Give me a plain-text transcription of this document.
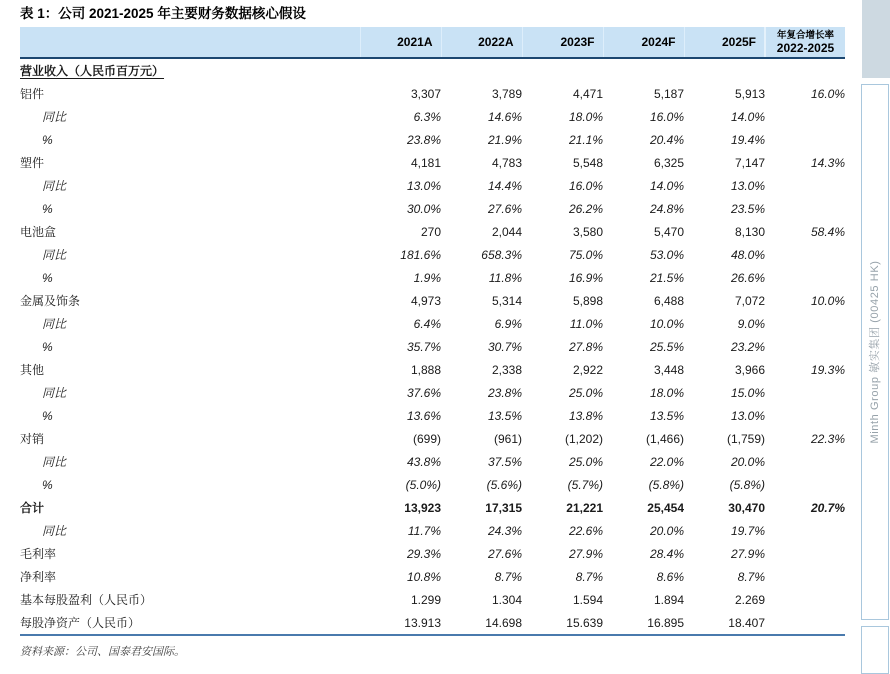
表 1：公司 2021-2025 年主要财务数据核心假设
	2021A	2022A	2023F	2024F	2025F	年复合增长率
2022-2025

营业收入（人民币百万元）						
铝件	3,307	3,789	4,471	5,187	5,913	16.0%
同比	6.3%	14.6%	18.0%	16.0%	14.0%	
%	23.8%	21.9%	21.1%	20.4%	19.4%	
塑件	4,181	4,783	5,548	6,325	7,147	14.3%
同比	13.0%	14.4%	16.0%	14.0%	13.0%	
%	30.0%	27.6%	26.2%	24.8%	23.5%	
电池盒	270	2,044	3,580	5,470	8,130	58.4%
同比	181.6%	658.3%	75.0%	53.0%	48.0%	
%	1.9%	11.8%	16.9%	21.5%	26.6%	
金属及饰条	4,973	5,314	5,898	6,488	7,072	10.0%
同比	6.4%	6.9%	11.0%	10.0%	9.0%	
%	35.7%	30.7%	27.8%	25.5%	23.2%	
其他	1,888	2,338	2,922	3,448	3,966	19.3%
同比	37.6%	23.8%	25.0%	18.0%	15.0%	
%	13.6%	13.5%	13.8%	13.5%	13.0%	
对销	(699)	(961)	(1,202)	(1,466)	(1,759)	22.3%
同比	43.8%	37.5%	25.0%	22.0%	20.0%	
%	(5.0%)	(5.6%)	(5.7%)	(5.8%)	(5.8%)	
合计	13,923	17,315	21,221	25,454	30,470	20.7%
同比	11.7%	24.3%	22.6%	20.0%	19.7%	
毛利率	29.3%	27.6%	27.9%	28.4%	27.9%	
净利率	10.8%	8.7%	8.7%	8.6%	8.7%	
基本每股盈利（人民币）	1.299	1.304	1.594	1.894	2.269	
每股净资产（人民币）	13.913	14.698	15.639	16.895	18.407	
资料来源：公司、国泰君安国际。
Minth Group 敏实集团 (00425 HK)
